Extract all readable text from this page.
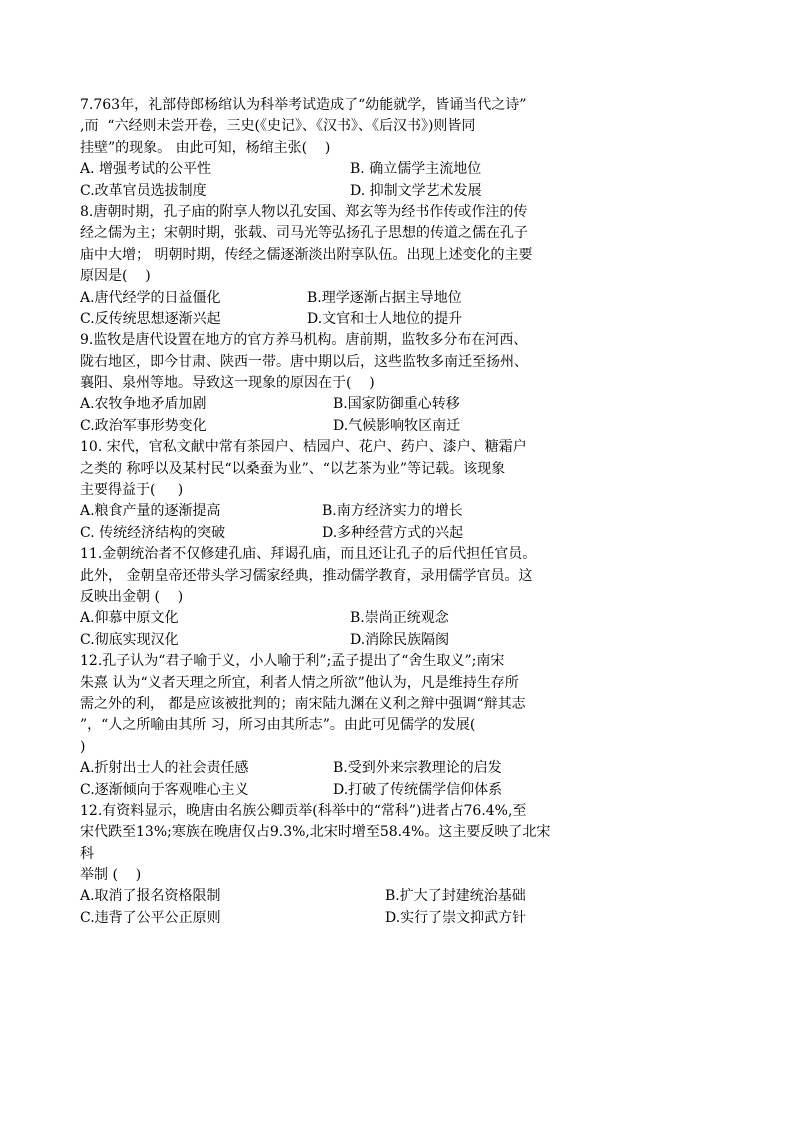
7.763年，礼部侍郎杨绾认为科举考试造成了“幼能就学，皆诵当代之诗”
,而  “六经则未尝开卷，三史(《史记》、《汉书》、《后汉书》)则皆同
挂壁”的现象。 由此可知，杨绾主张(    )
A. 增强考试的公平性	B. 确立儒学主流地位
C.改革官员选拔制度	D. 抑制文学艺术发展
8.唐朝时期，孔子庙的附享人物以孔安国、郑玄等为经书作传或作注的传
经之儒为主；宋朝时期，张载、司马光等弘扬孔子思想的传道之儒在孔子
庙中大增； 明朝时期，传经之儒逐渐淡出附享队伍。出现上述变化的主要
原因是(    )
A.唐代经学的日益僵化	B.理学逐渐占据主导地位
C.反传统思想逐渐兴起	D.文官和士人地位的提升
9.监牧是唐代设置在地方的官方养马机构。唐前期，监牧多分布在河西、
陇右地区，即今甘肃、陕西一带。唐中期以后，这些监牧多南迁至扬州、
襄阳、泉州等地。导致这一现象的原因在于(    )
A.农牧争地矛盾加剧	B.国家防御重心转移
C.政治军事形势变化	D.气候影响牧区南迁
10. 宋代，官私文献中常有茶园户、桔园户、花户、药户、漆户、糖霜户
之类的 称呼以及某村民“以桑蚕为业”、“以艺茶为业”等记载。该现象
主要得益于(     )
A.粮食产量的逐渐提高	B.南方经济实力的增长
C. 传统经济结构的突破	D.多种经营方式的兴起
11.金朝统治者不仅修建孔庙、拜谒孔庙，而且还让孔子的后代担任官员。
此外， 金朝皇帝还带头学习儒家经典，推动儒学教育，录用儒学官员。这
反映出金朝 (    )
A.仰慕中原文化	B.崇尚正统观念
C.彻底实现汉化	D.消除民族隔阂
12.孔子认为“君子喻于义，小人喻于利”;孟子提出了“舍生取义”;南宋
朱熹 认为“义者天理之所宜，利者人情之所欲”他认为，凡是维持生存所
需之外的利， 都是应该被批判的；南宋陆九渊在义利之辩中强调“辩其志
”，“人之所喻由其所 习，所习由其所志”。由此可见儒学的发展(
)
A.折射出士人的社会责任感	B.受到外来宗教理论的启发
C.逐渐倾向于客观唯心主义	D.打破了传统儒学信仰体系
12.有资料显示，晚唐由名族公卿贡举(科举中的“常科”)进者占76.4%,至
宋代跌至13%;寒族在晚唐仅占9.3%,北宋时增至58.4%。这主要反映了北宋
科
举制 (    )
A.取消了报名资格限制	B.扩大了封建统治基础
C.违背了公平公正原则	D.实行了崇文抑武方针
